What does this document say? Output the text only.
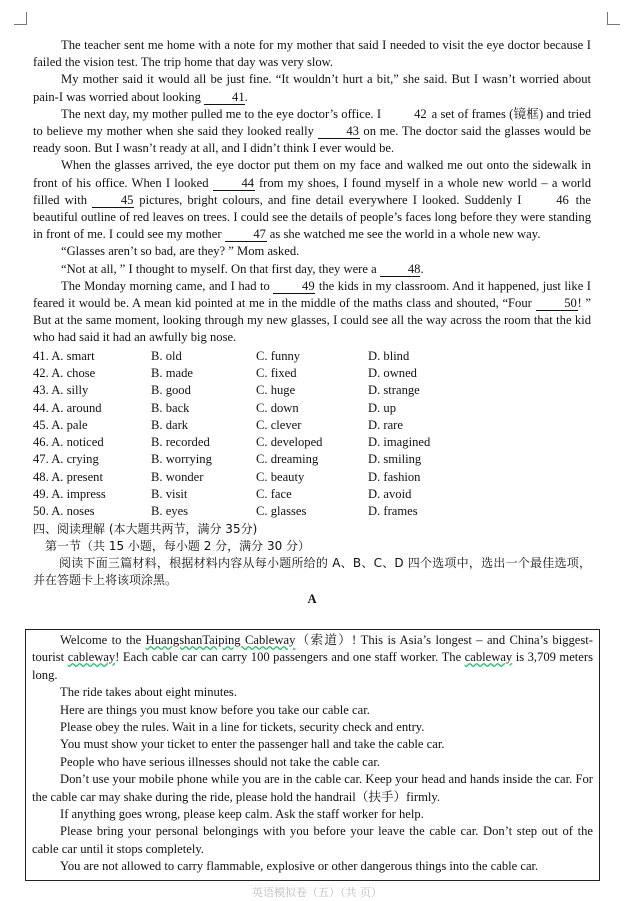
The teacher sent me home with a note for my mother that said I needed to visit the eye doctor because I failed the vision test. The trip home that day was very slow.

My mother said it would all be just fine. “It wouldn’t hurt a bit,” she said. But I wasn’t worried about pain-I was worried about looking 41.

The next day, my mother pulled me to the eye doctor’s office. I 42 a set of frames (镜框) and tried to believe my mother when she said they looked really 43 on me. The doctor said the glasses would be ready soon. But I wasn’t ready at all, and I didn’t think I ever would be.

When the glasses arrived, the eye doctor put them on my face and walked me out onto the sidewalk in front of his office. When I looked 44 from my shoes, I found myself in a whole new world – a world filled with 45 pictures, bright colours, and fine detail everywhere I looked. Suddenly I 46 the beautiful outline of red leaves on trees. I could see the details of people’s faces long before they were standing in front of me. I could see my mother 47 as she watched me see the world in a whole new way.

“Glasses aren’t so bad, are they? ” Mom asked.

“Not at all, ” I thought to myself. On that first day, they were a 48.

The Monday morning came, and I had to 49 the kids in my classroom. And it happened, just like I feared it would be. A mean kid pointed at me in the middle of the maths class and shouted, “Four 50! ” But at the same moment, looking through my new glasses, I could see all the way across the room that the kid who had said it had an awfully big nose.

41. A. smart	B. old	C. funny	D. blind
42. A. chose	B. made	C. fixed	D. owned
43. A. silly	B. good	C. huge	D. strange
44. A. around	B. back	C. down	D. up
45. A. pale	B. dark	C. clever	D. rare
46. A. noticed	B. recorded	C. developed	D. imagined
47. A. crying	B. worrying	C. dreaming	D. smiling
48. A. present	B. wonder	C. beauty	D. fashion
49. A. impress	B. visit	C. face	D. avoid
50. A. noses	B. eyes	C. glasses	D. frames
四、阅读理解 (本大题共两节，满分 35分)
第一节（共 15 小题，每小题 2 分，满分 30 分）

阅读下面三篇材料，根据材料内容从每小题所给的 A、B、C、D 四个选项中，选出一个最佳选项，并在答题卡上将该项涂黑。

A

Welcome to the HuangshanTaiping Cableway（索道）! This is Asia’s longest – and China’s biggest-tourist cableway! Each cable car can carry 100 passengers and one staff worker. The cableway is 3,709 meters long.

The ride takes about eight minutes.

Here are things you must know before you take our cable car.

Please obey the rules. Wait in a line for tickets, security check and entry.

You must show your ticket to enter the passenger hall and take the cable car.

People who have serious illnesses should not take the cable car.

Don’t use your mobile phone while you are in the cable car. Keep your head and hands inside the car. For the cable car may shake during the ride, please hold the handrail（扶手）firmly.

If anything goes wrong, please keep calm. Ask the staff worker for help.

Please bring your personal belongings with you before your leave the cable car. Don’t step out of the cable car until it stops completely.

You are not allowed to carry flammable, explosive or other dangerous things into the cable car.

英语模拟卷（五）（共 页）
